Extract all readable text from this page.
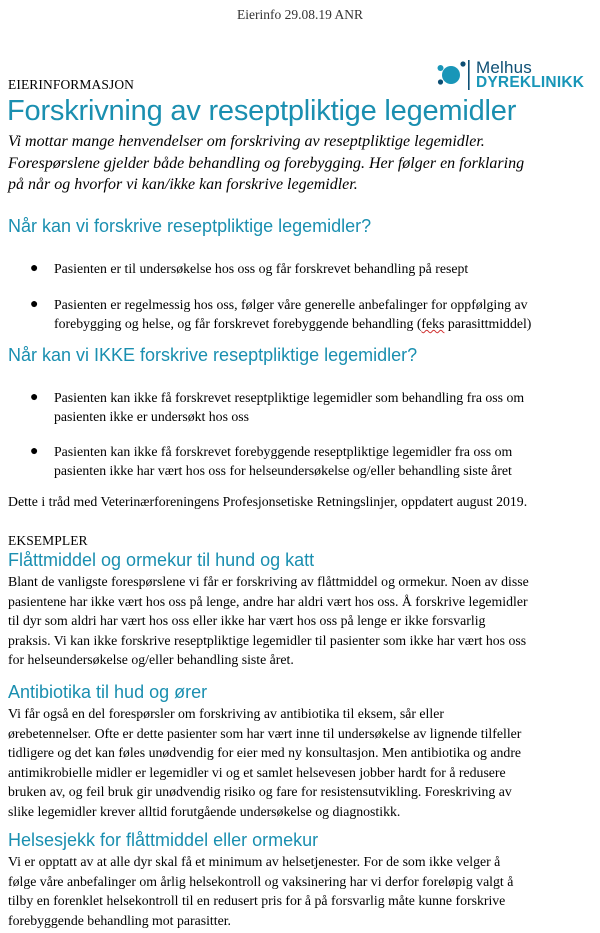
Eierinfo 29.08.19 ANR
Melhus
DYREKLINIKK
EIERINFORMASJON
Forskrivning av reseptpliktige legemidler
Vi mottar mange henvendelser om forskriving av reseptpliktige legemidler.
Forespørslene gjelder både behandling og forebygging. Her følger en forklaring
på når og hvorfor vi kan/ikke kan forskrive legemidler.
Når kan vi forskrive reseptpliktige legemidler?
● Pasienten er til undersøkelse hos oss og får forskrevet behandling på resept
● Pasienten er regelmessig hos oss, følger våre generelle anbefalinger for oppfølging av
forebygging og helse, og får forskrevet forebyggende behandling (feks parasittmiddel)
Når kan vi IKKE forskrive reseptpliktige legemidler?
● Pasienten kan ikke få forskrevet reseptpliktige legemidler som behandling fra oss om
pasienten ikke er undersøkt hos oss
● Pasienten kan ikke få forskrevet forebyggende reseptpliktige legemidler fra oss om
pasienten ikke har vært hos oss for helseundersøkelse og/eller behandling siste året
Dette i tråd med Veterinærforeningens Profesjonsetiske Retningslinjer, oppdatert august 2019.
EKSEMPLER
Flåttmiddel og ormekur til hund og katt
Blant de vanligste forespørslene vi får er forskriving av flåttmiddel og ormekur. Noen av disse
pasientene har ikke vært hos oss på lenge, andre har aldri vært hos oss. Å forskrive legemidler
til dyr som aldri har vært hos oss eller ikke har vært hos oss på lenge er ikke forsvarlig
praksis. Vi kan ikke forskrive reseptpliktige legemidler til pasienter som ikke har vært hos oss
for helseundersøkelse og/eller behandling siste året.
Antibiotika til hud og ører
Vi får også en del forespørsler om forskriving av antibiotika til eksem, sår eller
ørebetennelser. Ofte er dette pasienter som har vært inne til undersøkelse av lignende tilfeller
tidligere og det kan føles unødvendig for eier med ny konsultasjon. Men antibiotika og andre
antimikrobielle midler er legemidler vi og et samlet helsevesen jobber hardt for å redusere
bruken av, og feil bruk gir unødvendig risiko og fare for resistensutvikling. Foreskriving av
slike legemidler krever alltid forutgående undersøkelse og diagnostikk.
Helsesjekk for flåttmiddel eller ormekur
Vi er opptatt av at alle dyr skal få et minimum av helsetjenester. For de som ikke velger å
følge våre anbefalinger om årlig helsekontroll og vaksinering har vi derfor foreløpig valgt å
tilby en forenklet helsekontroll til en redusert pris for å på forsvarlig måte kunne forskrive
forebyggende behandling mot parasitter.
